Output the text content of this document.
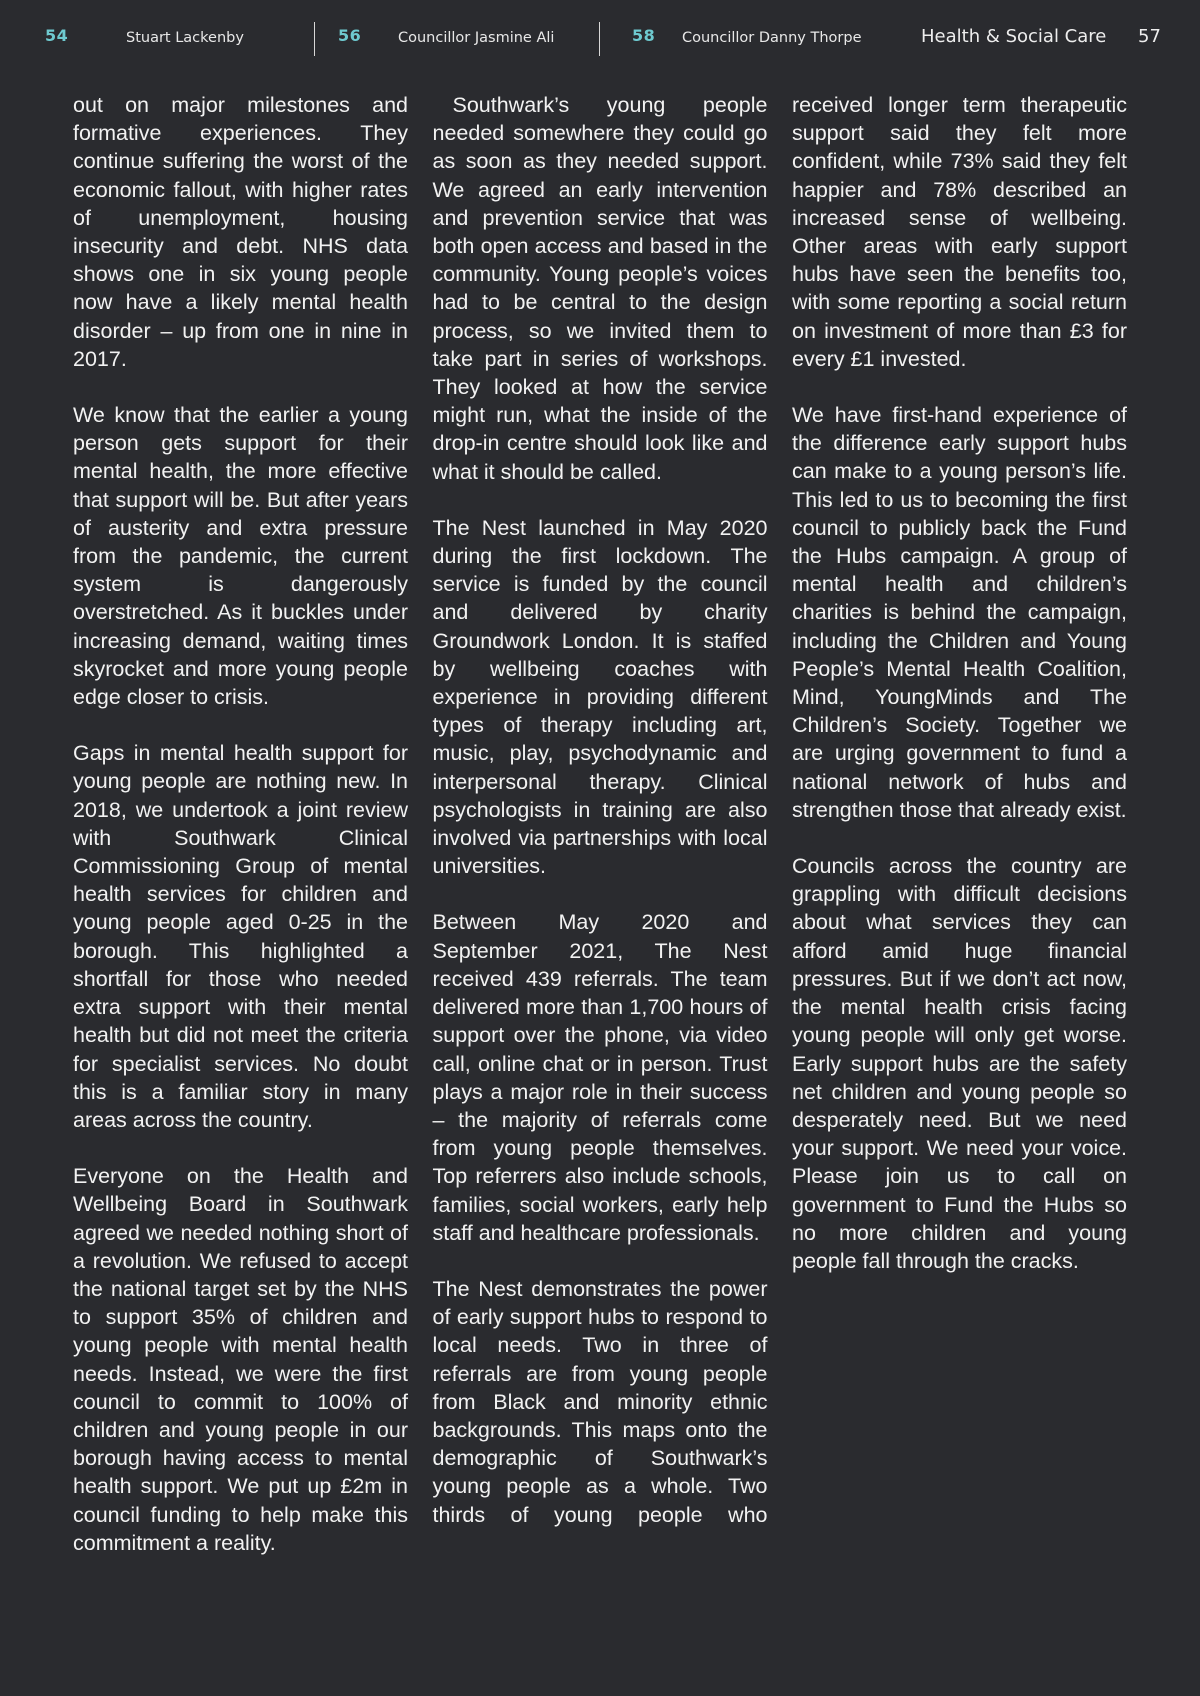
54	Stuart Lackenby	56	Councillor Jasmine Ali	58 Councillor Danny Thorpe	Health & Social Care 57

out on major milestones and formative experiences. They continue suffering the worst of the economic fallout, with higher rates of unemployment, housing insecurity and debt. NHS data shows one in six young people now have a likely mental health disorder – up from one in nine in 2017.

We know that the earlier a young person gets support for their mental health, the more effective that support will be. But after years of austerity and extra pressure from the pandemic, the current system is dangerously overstretched. As it buckles under increasing demand, waiting times skyrocket and more young people edge closer to crisis.

Gaps in mental health support for young people are nothing new. In 2018, we undertook a joint review with Southwark Clinical Commissioning Group of mental health services for children and young people aged 0-25 in the borough. This highlighted a shortfall for those who needed extra support with their mental health but did not meet the criteria for specialist services. No doubt this is a familiar story in many areas across the country.

Everyone on the Health and Wellbeing Board in Southwark agreed we needed nothing short of a revolution. We refused to accept the national target set by the NHS to support 35% of children and young people with mental health needs. Instead, we were the first council to commit to 100% of children and young people in our borough having access to mental health support. We put up £2m in council funding to help make this commitment a reality.

Southwark’s young people needed somewhere they could go as soon as they needed support. We agreed an early intervention and prevention service that was both open access and based in the community. Young people’s voices had to be central to the design process, so we invited them to take part in series of workshops. They looked at how the service might run, what the inside of the drop-in centre should look like and what it should be called.

The Nest launched in May 2020 during the first lockdown. The service is funded by the council and delivered by charity Groundwork London. It is staffed by wellbeing coaches with experience in providing different types of therapy including art, music, play, psychodynamic and interpersonal therapy. Clinical psychologists in training are also involved via partnerships with local universities.

Between May 2020 and September 2021, The Nest received 439 referrals. The team delivered more than 1,700 hours of support over the phone, via video call, online chat or in person. Trust plays a major role in their success – the majority of referrals come from young people themselves. Top referrers also include schools, families, social workers, early help staff and healthcare professionals.

The Nest demonstrates the power of early support hubs to respond to local needs. Two in three of referrals are from young people from Black and minority ethnic backgrounds. This maps onto the demographic of Southwark’s young people as a whole. Two thirds of young people who

received longer term therapeutic support said they felt more confident, while 73% said they felt happier and 78% described an increased sense of wellbeing. Other areas with early support hubs have seen the benefits too, with some reporting a social return on investment of more than £3 for every £1 invested.

We have first-hand experience of the difference early support hubs can make to a young person’s life. This led to us to becoming the first council to publicly back the Fund the Hubs campaign. A group of mental health and children’s charities is behind the campaign, including the Children and Young People’s Mental Health Coalition, Mind, YoungMinds and The Children’s Society. Together we are urging government to fund a national network of hubs and strengthen those that already exist.

Councils across the country are grappling with difficult decisions about what services they can afford amid huge financial pressures. But if we don’t act now, the mental health crisis facing young people will only get worse. Early support hubs are the safety net children and young people so desperately need. But we need your support. We need your voice. Please join us to call on government to Fund the Hubs so no more children and young people fall through the cracks.
